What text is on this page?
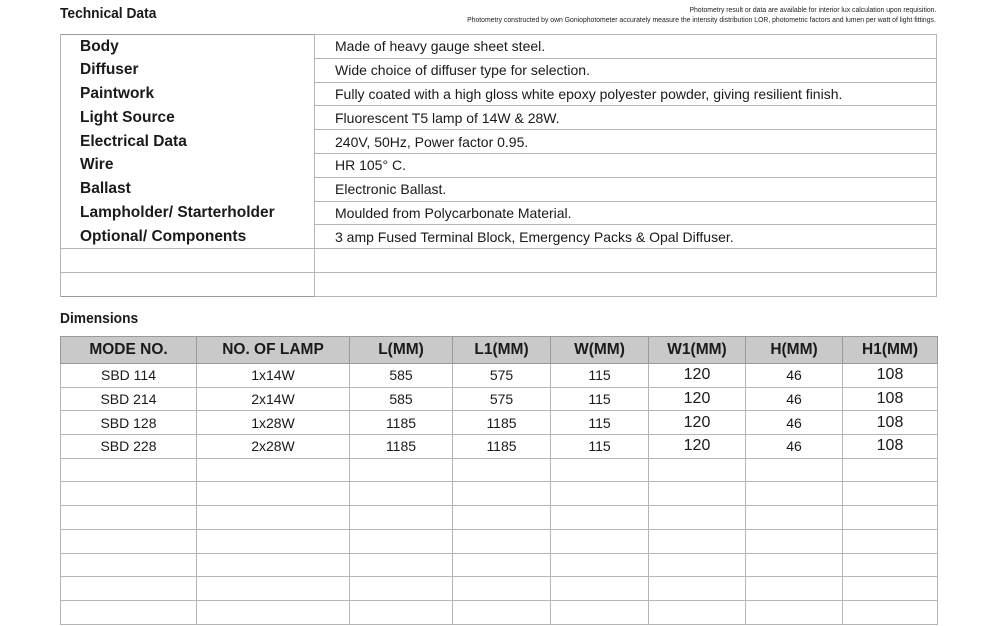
Technical Data	Photometry result or data are available for interior lux calculation upon requisition.
Photometry constructed by own Goniophotometer accurately measure the intensity distribution LOR, photometric factors and lumen per watt of light fittings.
Body	Made of heavy gauge sheet steel.
Diffuser	Wide choice of diffuser type for selection.
Paintwork	Fully coated with a high gloss white epoxy polyester powder, giving resilient finish.
Light Source	Fluorescent T5 lamp of 14W & 28W.
Electrical Data	240V, 50Hz, Power factor 0.95.
Wire	HR 105° C.
Ballast	Electronic Ballast.
Lampholder/ Starterholder	Moulded from Polycarbonate Material.
Optional/ Components	3 amp Fused Terminal Block, Emergency Packs & Opal Diffuser.

Dimensions
MODE NO.	NO. OF LAMP	L(MM)	L1(MM)	W(MM)	W1(MM)	H(MM)	H1(MM)
SBD 114	1x14W	585	575	115	120	46	108
SBD 214	2x14W	585	575	115	120	46	108
SBD 128	1x28W	1185	1185	115	120	46	108
SBD 228	2x28W	1185	1185	115	120	46	108
